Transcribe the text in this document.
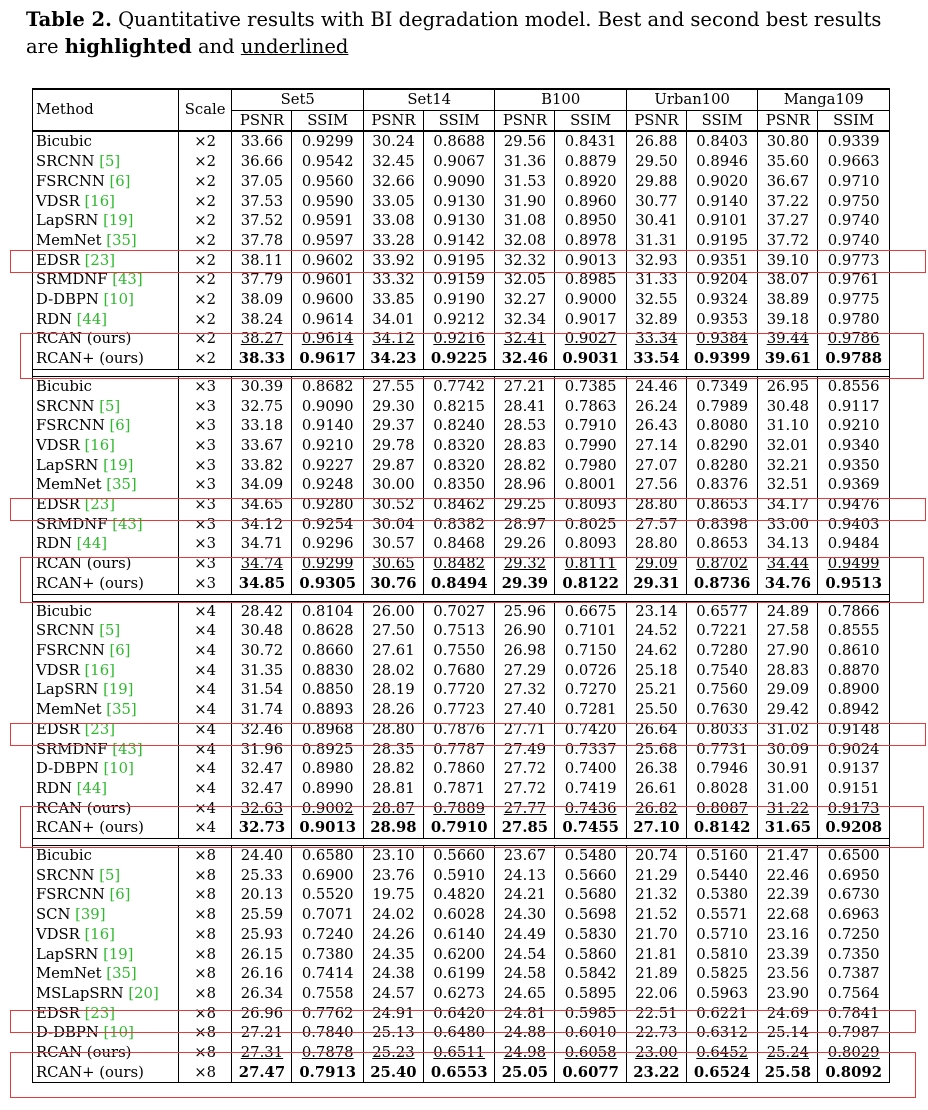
Table 2. Quantitative results with BI degradation model. Best and second best results are highlighted and underlined
Method	Scale	Set5		Set14		B100		Urban100		Manga109	
		PSNR	SSIM	PSNR	SSIM	PSNR	SSIM	PSNR	SSIM	PSNR	SSIM
Bicubic	×2	33.66	0.9299	30.24	0.8688	29.56	0.8431	26.88	0.8403	30.80	0.9339
SRCNN [5]	×2	36.66	0.9542	32.45	0.9067	31.36	0.8879	29.50	0.8946	35.60	0.9663
FSRCNN [6]	×2	37.05	0.9560	32.66	0.9090	31.53	0.8920	29.88	0.9020	36.67	0.9710
VDSR [16]	×2	37.53	0.9590	33.05	0.9130	31.90	0.8960	30.77	0.9140	37.22	0.9750
LapSRN [19]	×2	37.52	0.9591	33.08	0.9130	31.08	0.8950	30.41	0.9101	37.27	0.9740
MemNet [35]	×2	37.78	0.9597	33.28	0.9142	32.08	0.8978	31.31	0.9195	37.72	0.9740
EDSR [23]	×2	38.11	0.9602	33.92	0.9195	32.32	0.9013	32.93	0.9351	39.10	0.9773
SRMDNF [43]	×2	37.79	0.9601	33.32	0.9159	32.05	0.8985	31.33	0.9204	38.07	0.9761
D-DBPN [10]	×2	38.09	0.9600	33.85	0.9190	32.27	0.9000	32.55	0.9324	38.89	0.9775
RDN [44]	×2	38.24	0.9614	34.01	0.9212	32.34	0.9017	32.89	0.9353	39.18	0.9780
RCAN (ours)	×2	38.27	0.9614	34.12	0.9216	32.41	0.9027	33.34	0.9384	39.44	0.9786
RCAN+ (ours)	×2	38.33	0.9617	34.23	0.9225	32.46	0.9031	33.54	0.9399	39.61	0.9788

Bicubic	×3	30.39	0.8682	27.55	0.7742	27.21	0.7385	24.46	0.7349	26.95	0.8556
SRCNN [5]	×3	32.75	0.9090	29.30	0.8215	28.41	0.7863	26.24	0.7989	30.48	0.9117
FSRCNN [6]	×3	33.18	0.9140	29.37	0.8240	28.53	0.7910	26.43	0.8080	31.10	0.9210
VDSR [16]	×3	33.67	0.9210	29.78	0.8320	28.83	0.7990	27.14	0.8290	32.01	0.9340
LapSRN [19]	×3	33.82	0.9227	29.87	0.8320	28.82	0.7980	27.07	0.8280	32.21	0.9350
MemNet [35]	×3	34.09	0.9248	30.00	0.8350	28.96	0.8001	27.56	0.8376	32.51	0.9369
EDSR [23]	×3	34.65	0.9280	30.52	0.8462	29.25	0.8093	28.80	0.8653	34.17	0.9476
SRMDNF [43]	×3	34.12	0.9254	30.04	0.8382	28.97	0.8025	27.57	0.8398	33.00	0.9403
RDN [44]	×3	34.71	0.9296	30.57	0.8468	29.26	0.8093	28.80	0.8653	34.13	0.9484
RCAN (ours)	×3	34.74	0.9299	30.65	0.8482	29.32	0.8111	29.09	0.8702	34.44	0.9499
RCAN+ (ours)	×3	34.85	0.9305	30.76	0.8494	29.39	0.8122	29.31	0.8736	34.76	0.9513

Bicubic	×4	28.42	0.8104	26.00	0.7027	25.96	0.6675	23.14	0.6577	24.89	0.7866
SRCNN [5]	×4	30.48	0.8628	27.50	0.7513	26.90	0.7101	24.52	0.7221	27.58	0.8555
FSRCNN [6]	×4	30.72	0.8660	27.61	0.7550	26.98	0.7150	24.62	0.7280	27.90	0.8610
VDSR [16]	×4	31.35	0.8830	28.02	0.7680	27.29	0.0726	25.18	0.7540	28.83	0.8870
LapSRN [19]	×4	31.54	0.8850	28.19	0.7720	27.32	0.7270	25.21	0.7560	29.09	0.8900
MemNet [35]	×4	31.74	0.8893	28.26	0.7723	27.40	0.7281	25.50	0.7630	29.42	0.8942
EDSR [23]	×4	32.46	0.8968	28.80	0.7876	27.71	0.7420	26.64	0.8033	31.02	0.9148
SRMDNF [43]	×4	31.96	0.8925	28.35	0.7787	27.49	0.7337	25.68	0.7731	30.09	0.9024
D-DBPN [10]	×4	32.47	0.8980	28.82	0.7860	27.72	0.7400	26.38	0.7946	30.91	0.9137
RDN [44]	×4	32.47	0.8990	28.81	0.7871	27.72	0.7419	26.61	0.8028	31.00	0.9151
RCAN (ours)	×4	32.63	0.9002	28.87	0.7889	27.77	0.7436	26.82	0.8087	31.22	0.9173
RCAN+ (ours)	×4	32.73	0.9013	28.98	0.7910	27.85	0.7455	27.10	0.8142	31.65	0.9208

Bicubic	×8	24.40	0.6580	23.10	0.5660	23.67	0.5480	20.74	0.5160	21.47	0.6500
SRCNN [5]	×8	25.33	0.6900	23.76	0.5910	24.13	0.5660	21.29	0.5440	22.46	0.6950
FSRCNN [6]	×8	20.13	0.5520	19.75	0.4820	24.21	0.5680	21.32	0.5380	22.39	0.6730
SCN [39]	×8	25.59	0.7071	24.02	0.6028	24.30	0.5698	21.52	0.5571	22.68	0.6963
VDSR [16]	×8	25.93	0.7240	24.26	0.6140	24.49	0.5830	21.70	0.5710	23.16	0.7250
LapSRN [19]	×8	26.15	0.7380	24.35	0.6200	24.54	0.5860	21.81	0.5810	23.39	0.7350
MemNet [35]	×8	26.16	0.7414	24.38	0.6199	24.58	0.5842	21.89	0.5825	23.56	0.7387
MSLapSRN [20]	×8	26.34	0.7558	24.57	0.6273	24.65	0.5895	22.06	0.5963	23.90	0.7564
EDSR [23]	×8	26.96	0.7762	24.91	0.6420	24.81	0.5985	22.51	0.6221	24.69	0.7841
D-DBPN [10]	×8	27.21	0.7840	25.13	0.6480	24.88	0.6010	22.73	0.6312	25.14	0.7987
RCAN (ours)	×8	27.31	0.7878	25.23	0.6511	24.98	0.6058	23.00	0.6452	25.24	0.8029
RCAN+ (ours)	×8	27.47	0.7913	25.40	0.6553	25.05	0.6077	23.22	0.6524	25.58	0.8092
